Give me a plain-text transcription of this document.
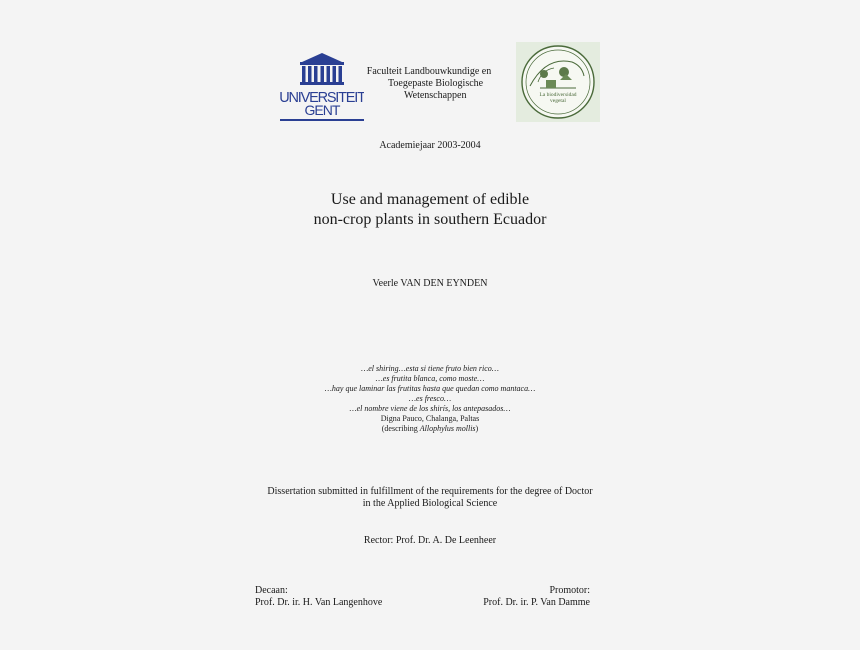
UNIVERSITEIT
GENT
Faculteit Landbouwkundige en
Toegepaste Biologische
Wetenschappen	La biodiversidad
vegetal
Academiejaar 2003-2004
Use and management of edible
non-crop plants in southern Ecuador
Veerle VAN DEN EYNDEN
…el shiring…esta si tiene fruto bien rico…
…es frutita blanca, como moste…
…hay que laminar las frutitas hasta que quedan como mantaca…
…es fresco…
…el nombre viene de los shirís, los antepasados…
Digna Pauco, Chalanga, Paltas
(describing Allophylus mollis)
Dissertation submitted in fulfillment of the requirements for the degree of Doctor
in the Applied Biological Science
Rector: Prof. Dr. A. De Leenheer
Decaan:
Prof. Dr. ir. H. Van Langenhove
Promotor:
Prof. Dr. ir. P. Van Damme
